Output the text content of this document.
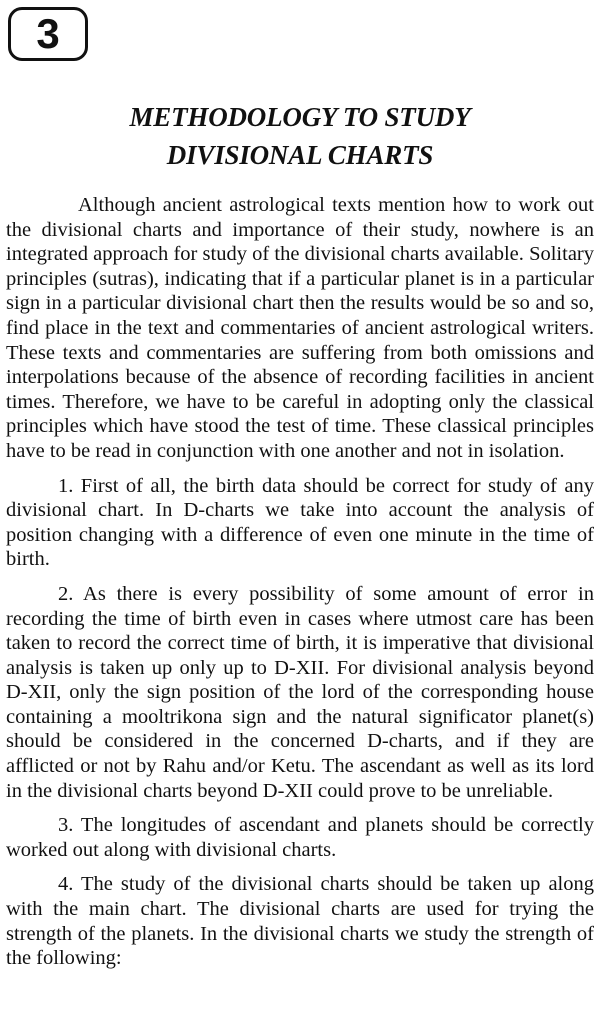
3
METHODOLOGY TO STUDY
DIVISIONAL CHARTS

Although ancient astrological texts mention how to work out the divisional charts and importance of their study, nowhere is an integrated approach for study of the divisional charts available. Solitary principles (sutras), indicating that if a particular planet is in a particular sign in a particular divisional chart then the results would be so and so, find place in the text and commentaries of ancient astrological writers. These texts and commentaries are suffering from both omissions and interpolations because of the absence of recording facilities in ancient times. Therefore, we have to be careful in adopting only the classical principles which have stood the test of time. These classical principles have to be read in conjunction with one another and not in isolation.

1. First of all, the birth data should be correct for study of any divisional chart. In D-charts we take into account the analysis of position changing with a difference of even one minute in the time of birth.

2. As there is every possibility of some amount of error in recording the time of birth even in cases where utmost care has been taken to record the correct time of birth, it is imperative that divisional analysis is taken up only up to D-XII. For divisional analysis beyond D-XII, only the sign position of the lord of the corresponding house containing a mooltrikona sign and the natural significator planet(s) should be considered in the concerned D-charts, and if they are afflicted or not by Rahu and/or Ketu. The ascendant as well as its lord in the divisional charts beyond D-XII could prove to be unreliable.

3. The longitudes of ascendant and planets should be correctly worked out along with divisional charts.

4. The study of the divisional charts should be taken up along with the main chart. The divisional charts are used for trying the strength of the planets. In the divisional charts we study the strength of the following:
